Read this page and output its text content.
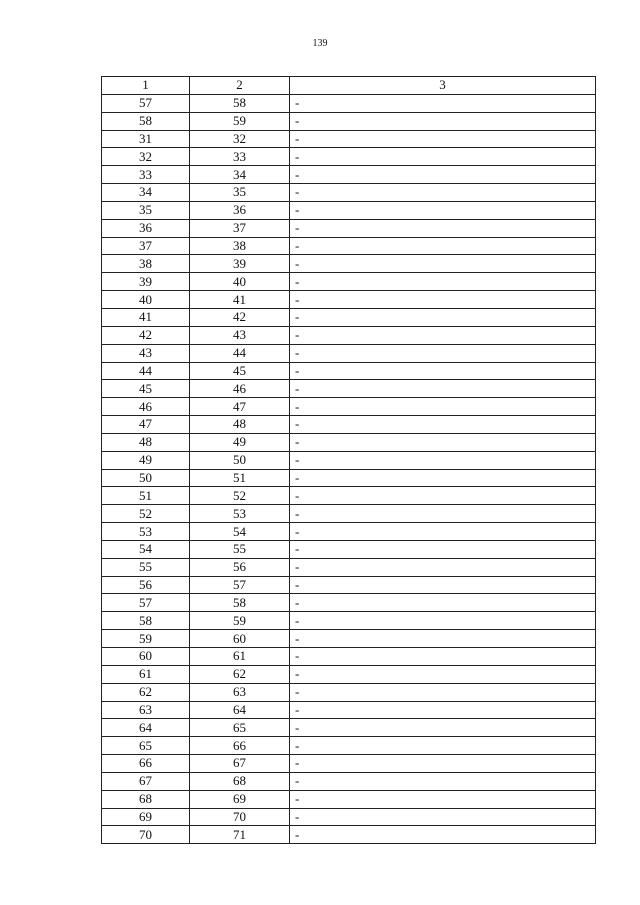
139
1	2	3
57	58	-
58	59	-
31	32	-
32	33	-
33	34	-
34	35	-
35	36	-
36	37	-
37	38	-
38	39	-
39	40	-
40	41	-
41	42	-
42	43	-
43	44	-
44	45	-
45	46	-
46	47	-
47	48	-
48	49	-
49	50	-
50	51	-
51	52	-
52	53	-
53	54	-
54	55	-
55	56	-
56	57	-
57	58	-
58	59	-
59	60	-
60	61	-
61	62	-
62	63	-
63	64	-
64	65	-
65	66	-
66	67	-
67	68	-
68	69	-
69	70	-
70	71	-
